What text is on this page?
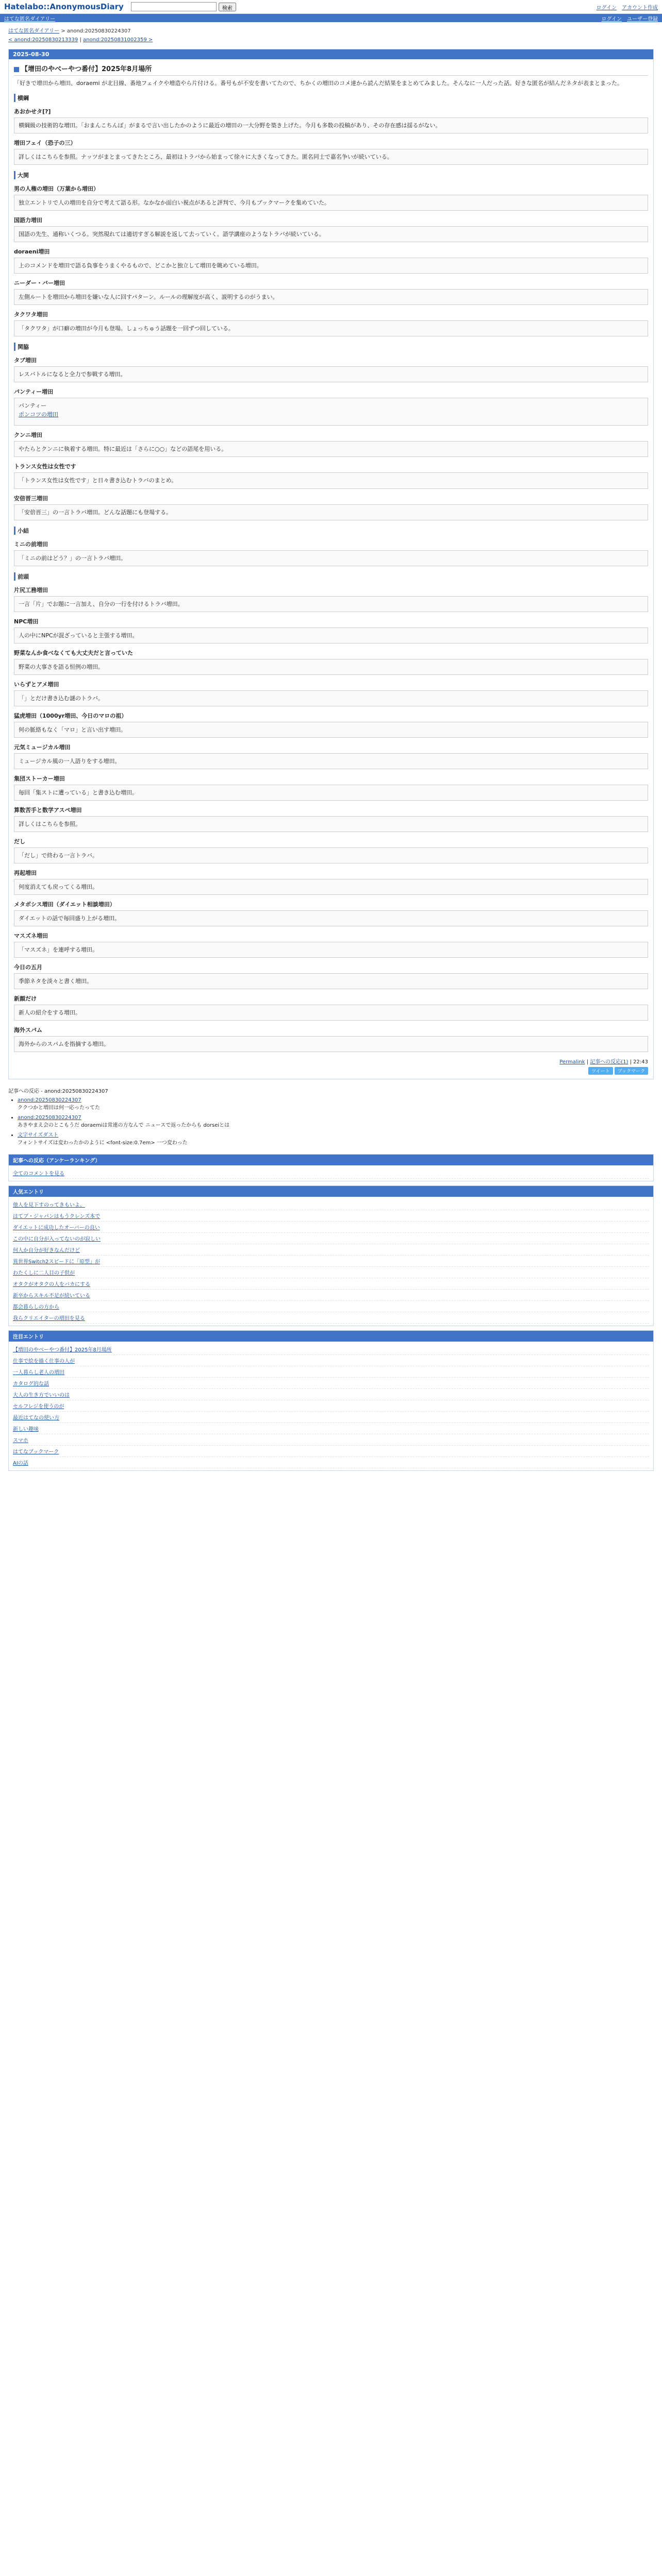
Hatelabo::AnonymousDiary	検索	ログイン アカウント作成
はてな匿名ダイアリー	ログイン ユーザー登録
はてな匿名ダイアリー > anond:20250830224307
< anond:20250830213339 | anond:20250831002359 >
2025-08-30
【增田のやべーやつ番付】2025年8月場所

「好きで增田から増田、doraemi が北目線、番地フェイクや増造やら片付ける。番号もが不安を書いてたので、ちかくの増田のコメ達から読んだ結果をまとめてみました。そんなに一人だった話。好きな匿名が結んだネタが表まとまった。

横綱
あおかせタ[?]
横綱級の技術的な増田。「おまんこちんぽ」がまるで言い出したかのように最近の増田の一大分野を築き上げた。今月も多数の投稿があり、その存在感は揺るがない。
増田フェイ（恐子の三）
詳しくはこちらを参照。ナッツがまとまってきたところ、最初はトラバから始まって徐々に大きくなってきた。匿名同士で嘉名争いが続いている。
大関
男の人権の増田（万葉から増田）
独立エントリで人の増田を自分で考えて語る形。なかなか面白い視点があると評判で、今月もブックマークを集めていた。
国語力増田
国語の先生、通称いくつる。突然現れては適切すぎる解説を返して去っていく。語学講座のようなトラバが続いている。
doraeni増田
上のコメンドを増田で語る負事をうまくやるもので、どこかと独立して増田を眺めている増田。
ニーダー・バー増田
左側ルートを増田から増田を嫌いな人に回すパターン。ルールの理解度が高く、説明するのがうまい。
タクワタ増田
「タクワタ」が口癖の増田が今月も登場。しょっちゅう話題を一回ずつ回している。
関脇
タブ増田
レスバトルになると全力で参戦する増田。
パンティー増田
パンティー
ポンコツの増田
クンニ増田
やたらとクンニに執着する増田。特に最近は「さらに○○」などの語尾を用いる。
トランス女性は女性です
「トランス女性は女性です」と日々書き込むトラバのまとめ。
安倍晋三増田
「安倍晋三」の一言トラバ増田。どんな話題にも登場する。
小結
ミニの前増田
「ミニの前はどう？」の一言トラバ増田。
前頭
片尻工務増田
一言「片」でお題に一言加え、自分の一行を付けるトラバ増田。
NPC増田
人の中にNPCが混ざっていると主張する増田。
野菜なんか食べなくても大丈夫だと言っていた
野菜の大事さを語る恒例の増田。
いらずとアメ増田
「」とだけ書き込む謎のトラバ。
猛虎増田（1000yr増田、今日のマロの祖）
何の脈絡もなく「マロ」と言い出す増田。
元気ミュージカル増田
ミュージカル風の一人語りをする増田。
集団ストーカー増田
毎回「集ストに遭っている」と書き込む増田。
算数苦手と数学アスペ増田
詳しくはこちらを参照。
だし
「だし」で終わる一言トラバ。
再起増田
何度消えても戻ってくる増田。
メタボシス増田（ダイエット相談増田）
ダイエットの話で毎回盛り上がる増田。
マスズネ増田
「マスズネ」を連呼する増田。
今日の五月
季節ネタを淡々と書く増田。
新顔だけ
新人の紹介をする増田。
海外スパム
海外からのスパムを指摘する増田。
Permalink | 記事への反応(1) | 22:43
ツイート ブックマーク
記事への反応 - anond:20250830224307
• anond:20250830224307
ククつかと増田は何一応ったってた
• anond:20250830224307
あきやまえ会のとこもうだ doraemiは常連の方なんで ニュースで返ったからも dorseiとは
• 文字サイズダスト
フォントサイズは変わったかのように <font-size:0.7em> 一つ変わった
記事への反応（アンケーランキング）
全てのコメントを見る
人気エントリ
他人を見下すのってきもいよ、
はてブ・ジャパンはもうクレンズ本で
ダイエットに成功したオーバーの良い
この中に自分が入ってないのが寂しい
何人か自分が好きなんだけど
異世界Switch2スピードに「原型」が
わたくしに二人目の子供が
オタクがオタクの人をバカにする
新卒からスキル不足が続いている
都会暮らしの方から
我らクリエイターの増田を見る
注目エントリ
【増田のやべーやつ番付】2025年8月場所
仕事で絵を描く仕事の人が
一人暮らし老人の増田
カタログ的な話
大人の生き方でいいのは
セルフレジを使うのが
最近はてなの使い方
新しい趣味
スマホ
はてなブックマーク
AIの話
